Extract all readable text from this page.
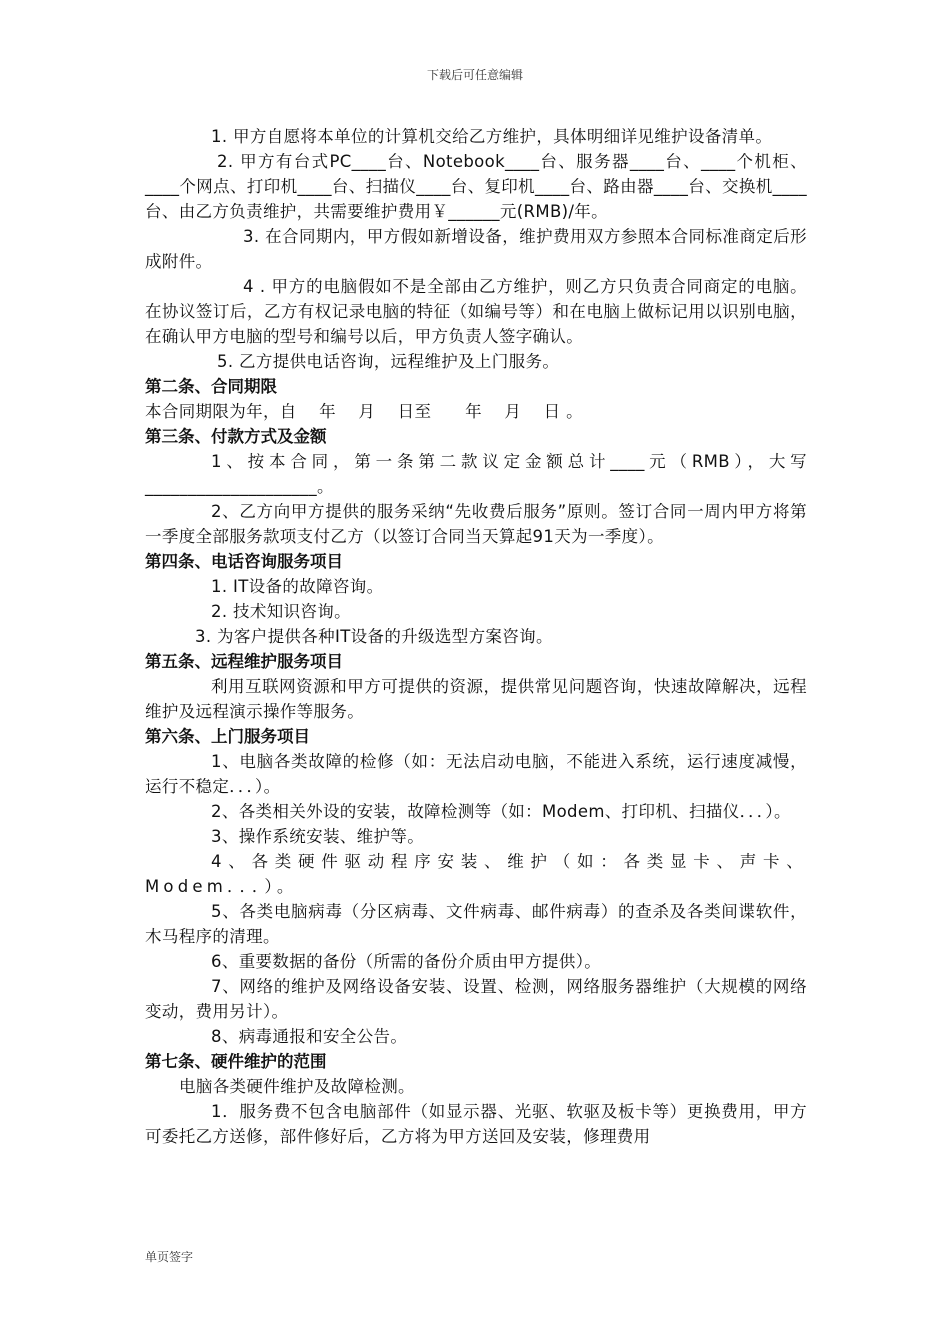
下载后可任意编辑

1. 甲方自愿将本单位的计算机交给乙方维护，具体明细详见维护设备清单。

2. 甲方有台式PC____台、Notebook____台、服务器____台、____个机柜、____个网点、打印机____台、扫描仪____台、复印机____台、路由器____台、交换机____台、由乙方负责维护，共需要维护费用￥______元(RMB)/年。

3. 在合同期内，甲方假如新增设备，维护费用双方参照本合同标准商定后形成附件。

4 . 甲方的电脑假如不是全部由乙方维护，则乙方只负责合同商定的电脑。在协议签订后，乙方有权记录电脑的特征（如编号等）和在电脑上做标记用以识别电脑，在确认甲方电脑的型号和编号以后，甲方负责人签字确认。

5. 乙方提供电话咨询，远程维护及上门服务。

第二条、合同期限

本合同期限为年，自　 年　 月　 日至　　年　 月　 日 。

第三条、付款方式及金额

1、按本合同，第一条第二款议定金额总计____元（RMB），大写 ____________________。

2、乙方向甲方提供的服务采纳“先收费后服务”原则。签订合同一周内甲方将第一季度全部服务款项支付乙方（以签订合同当天算起91天为一季度）。

第四条、电话咨询服务项目

1. IT设备的故障咨询。

2. 技术知识咨询。

3. 为客户提供各种IT设备的升级选型方案咨询。

第五条、远程维护服务项目

利用互联网资源和甲方可提供的资源，提供常见问题咨询，快速故障解决，远程维护及远程演示操作等服务。

第六条、上门服务项目

1、电脑各类故障的检修（如：无法启动电脑，不能进入系统，运行速度减慢，运行不稳定．．．）。

2、各类相关外设的安装，故障检测等（如：Modem、打印机、扫描仪．．．）。

3、操作系统安装、维护等。

4、各类硬件驱动程序安装、维护（如：各类显卡、声卡、Modem．．．）。

5、各类电脑病毒（分区病毒、文件病毒、邮件病毒）的查杀及各类间谍软件，木马程序的清理。

6、重要数据的备份（所需的备份介质由甲方提供）。

7、网络的维护及网络设备安装、设置、检测，网络服务器维护（大规模的网络变动，费用另计）。

8、病毒通报和安全公告。

第七条、硬件维护的范围

电脑各类硬件维护及故障检测。

1．服务费不包含电脑部件（如显示器、光驱、软驱及板卡等）更换费用，甲方可委托乙方送修，部件修好后，乙方将为甲方送回及安装，修理费用

单页签字
